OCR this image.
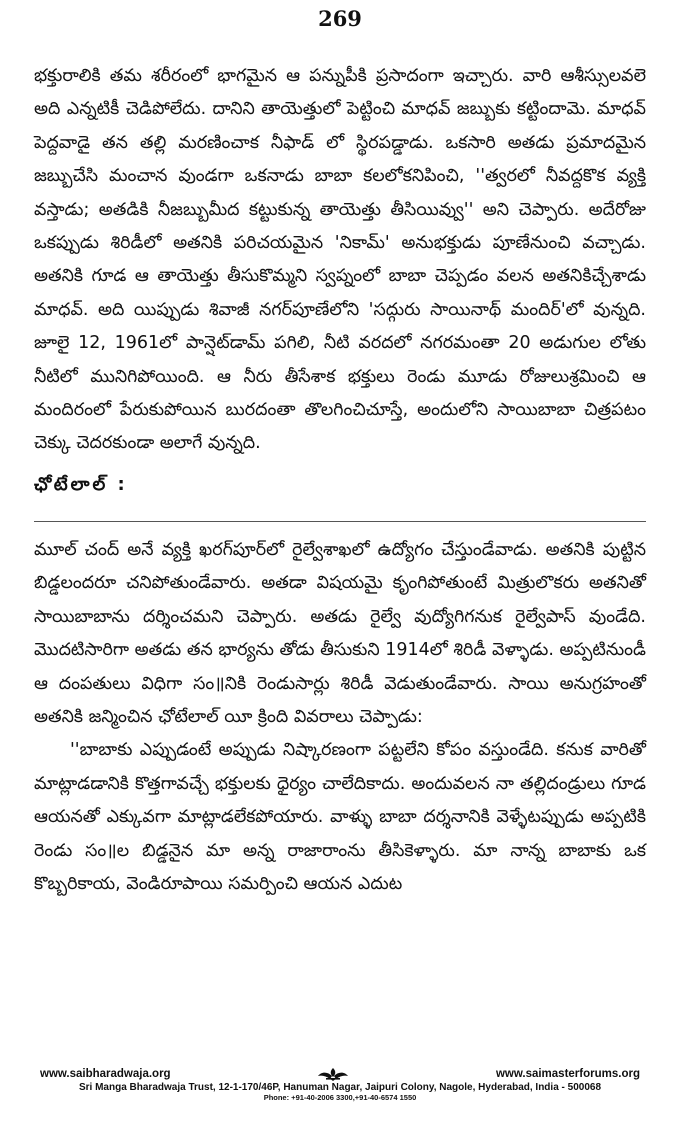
269

భక్తురాలికి తమ శరీరంలో భాగమైన ఆ పన్నుపీకి ప్రసాదంగా ఇచ్చారు. వారి ఆశీస్సులవలె అది ఎన్నటికీ చెడిపోలేదు. దానిని తాయెత్తులో పెట్టించి మాధవ్ జబ్బుకు కట్టిందామె. మాధవ్ పెద్దవాడై తన తల్లి మరణించాక నీఫాడ్ లో స్థిరపడ్డాడు. ఒకసారి అతడు ప్రమాదమైన జబ్బుచేసి మంచాన వుండగా ఒకనాడు బాబా కలలోకనిపించి, ''త్వరలో నీవద్దకొక వ్యక్తి వస్తాడు; అతడికి నీజబ్బుమీద కట్టుకున్న తాయెత్తు తీసియివ్వు'' అని చెప్పారు. అదేరోజు ఒకప్పుడు శిరిడీలో అతనికి పరిచయమైన 'నికామ్' అనుభక్తుడు పూణేనుంచి వచ్చాడు. అతనికి గూడ ఆ తాయెత్తు తీసుకొమ్మని స్వప్నంలో బాబా చెప్పడం వలన అతనికిచ్చేశాడు మాధవ్. అది యిప్పుడు శివాజీ నగర్‌పూణేలోని 'సద్గురు సాయినాథ్ మందిర్'లో వున్నది. జూలై 12, 1961లో పాన్షెట్‌డామ్ పగిలి, నీటి వరదలో నగరమంతా 20 అడుగుల లోతు నీటిలో మునిగిపోయింది. ఆ నీరు తీసేశాక భక్తులు రెండు మూడు రోజులుశ్రమించి ఆ మందిరంలో పేరుకుపోయిన బురదంతా తొలగించిచూస్తే, అందులోని సాయిబాబా చిత్రపటం చెక్కు చెదరకుండా అలాగే వున్నది.

ఛోటేలాల్ :

మూల్ చంద్ అనే వ్యక్తి ఖరగ్‌పూర్‌లో రైల్వేశాఖలో ఉద్యోగం చేస్తుండేవాడు. అతనికి పుట్టిన బిడ్డలందరూ చనిపోతుండేవారు. అతడా విషయమై కృంగిపోతుంటే మిత్రులొకరు అతనితో సాయిబాబాను దర్శించమని చెప్పారు. అతడు రైల్వే వుద్యోగిగనుక రైల్వేపాస్ వుండేది. మొదటిసారిగా అతడు తన భార్యను తోడు తీసుకుని 1914లో శిరిడీ వెళ్ళాడు. అప్పటినుండీ ఆ దంపతులు విధిగా సం॥నికి రెండుసార్లు శిరిడీ వెడుతుండేవారు. సాయి అనుగ్రహంతో అతనికి జన్మించిన ఛోటేలాల్ యీ క్రింది వివరాలు చెప్పాడు:

''బాబాకు ఎప్పుడంటే అప్పుడు నిష్కారణంగా పట్టలేని కోపం వస్తుండేది. కనుక వారితో మాట్లాడడానికి కొత్తగావచ్చే భక్తులకు ధైర్యం చాలేదికాదు. అందువలన నా తల్లిదండ్రులు గూడ ఆయనతో ఎక్కువగా మాట్లాడలేకపోయారు. వాళ్ళు బాబా దర్శనానికి వెళ్ళేటప్పుడు అప్పటికి రెండు సం॥ల బిడ్డనైన మా అన్న రాజారాంను తీసికెళ్ళారు. మా నాన్న బాబాకు ఒక కొబ్బరికాయ, వెండిరూపాయి సమర్పించి ఆయన ఎదుట

www.saibharadwaja.org	www.saimasterforums.org
Sri Manga Bharadwaja Trust, 12-1-170/46P, Hanuman Nagar, Jaipuri Colony, Nagole, Hyderabad, India - 500068
Phone: +91-40-2006 3300,+91-40-6574 1550
